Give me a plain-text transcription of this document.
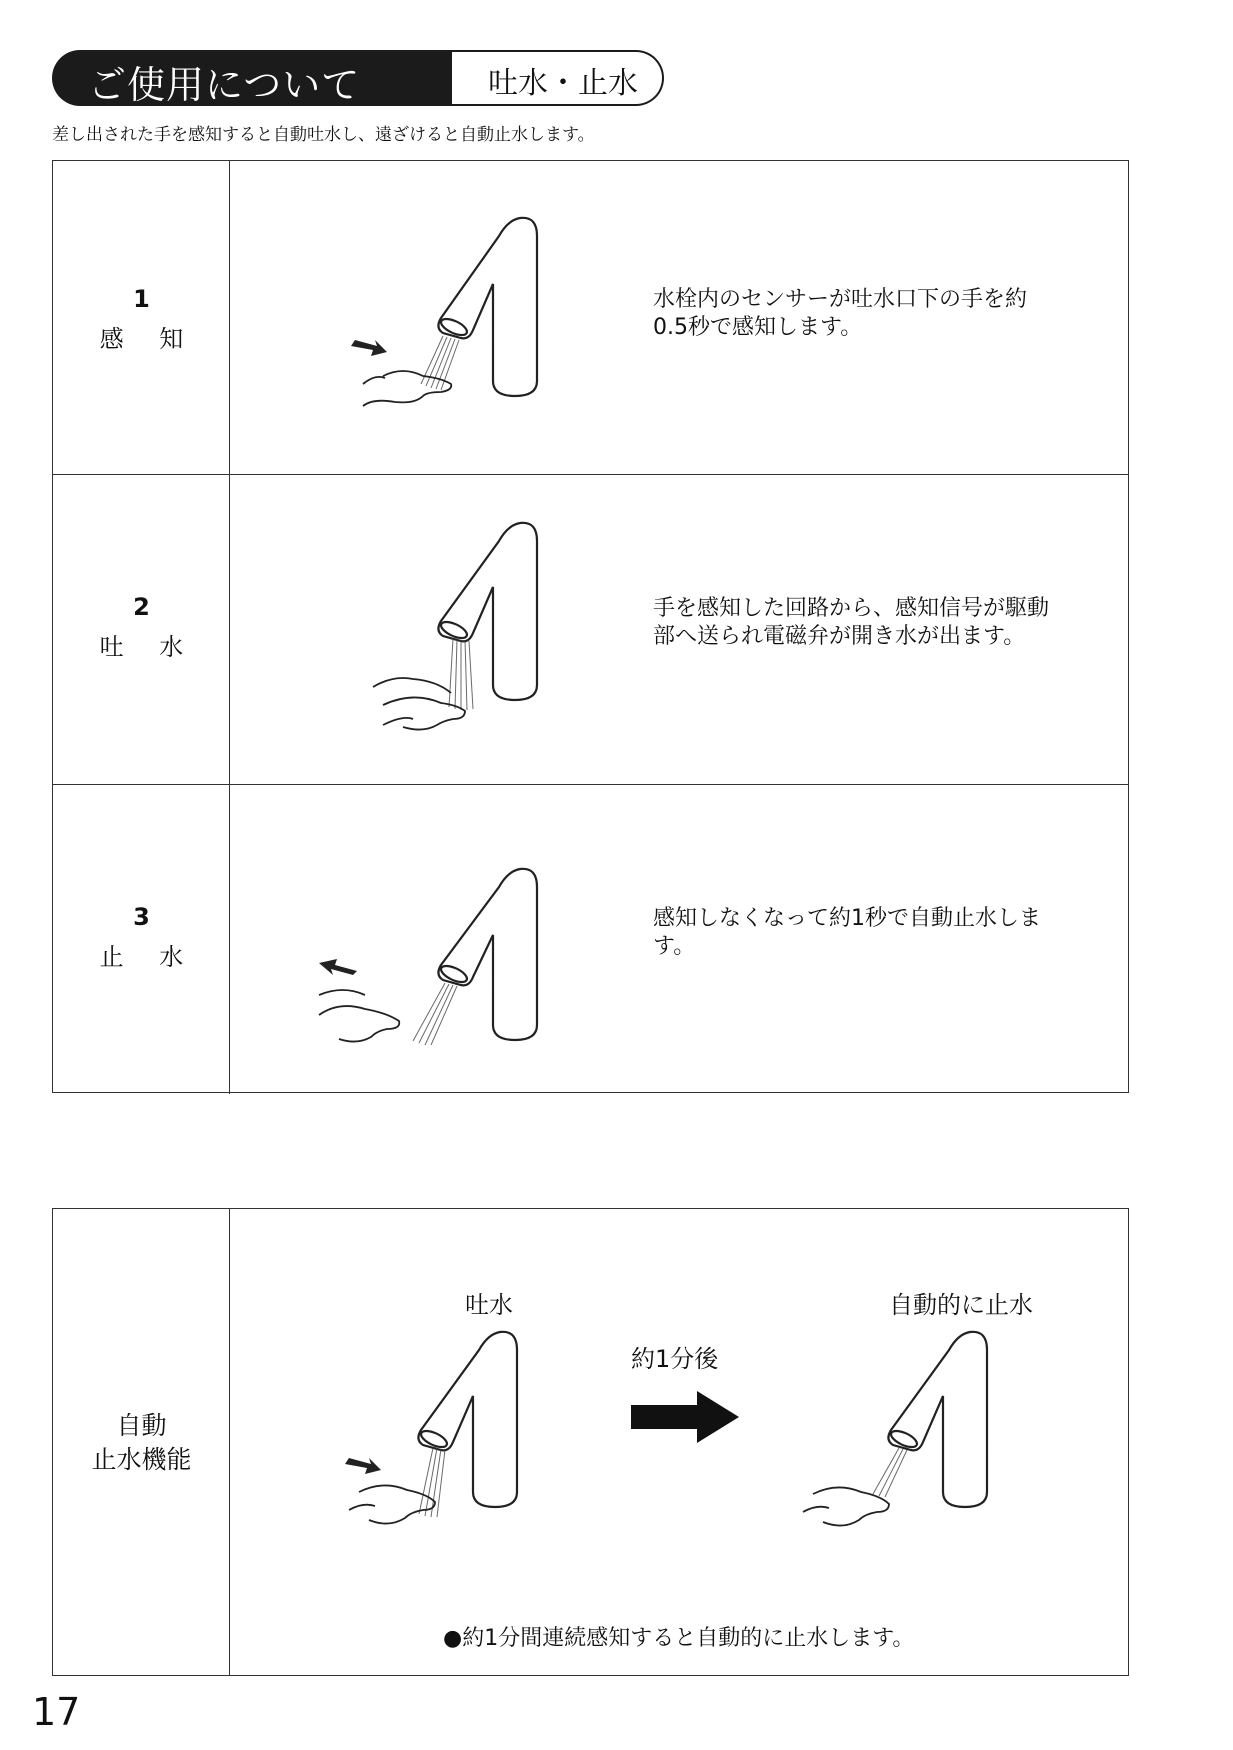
吐水・止水
ご使用について
差し出された手を感知すると自動吐水し、遠ざけると自動止水します。
1
感 知
水栓内のセンサーが吐水口下の手を約0.5秒で感知します。
2
吐 水
手を感知した回路から、感知信号が駆動部へ送られ電磁弁が開き水が出ます。
3
止 水
感知しなくなって約1秒で自動止水します。
自動
止水機能
吐水
約1分後
自動的に止水
●約1分間連続感知すると自動的に止水します。
17
